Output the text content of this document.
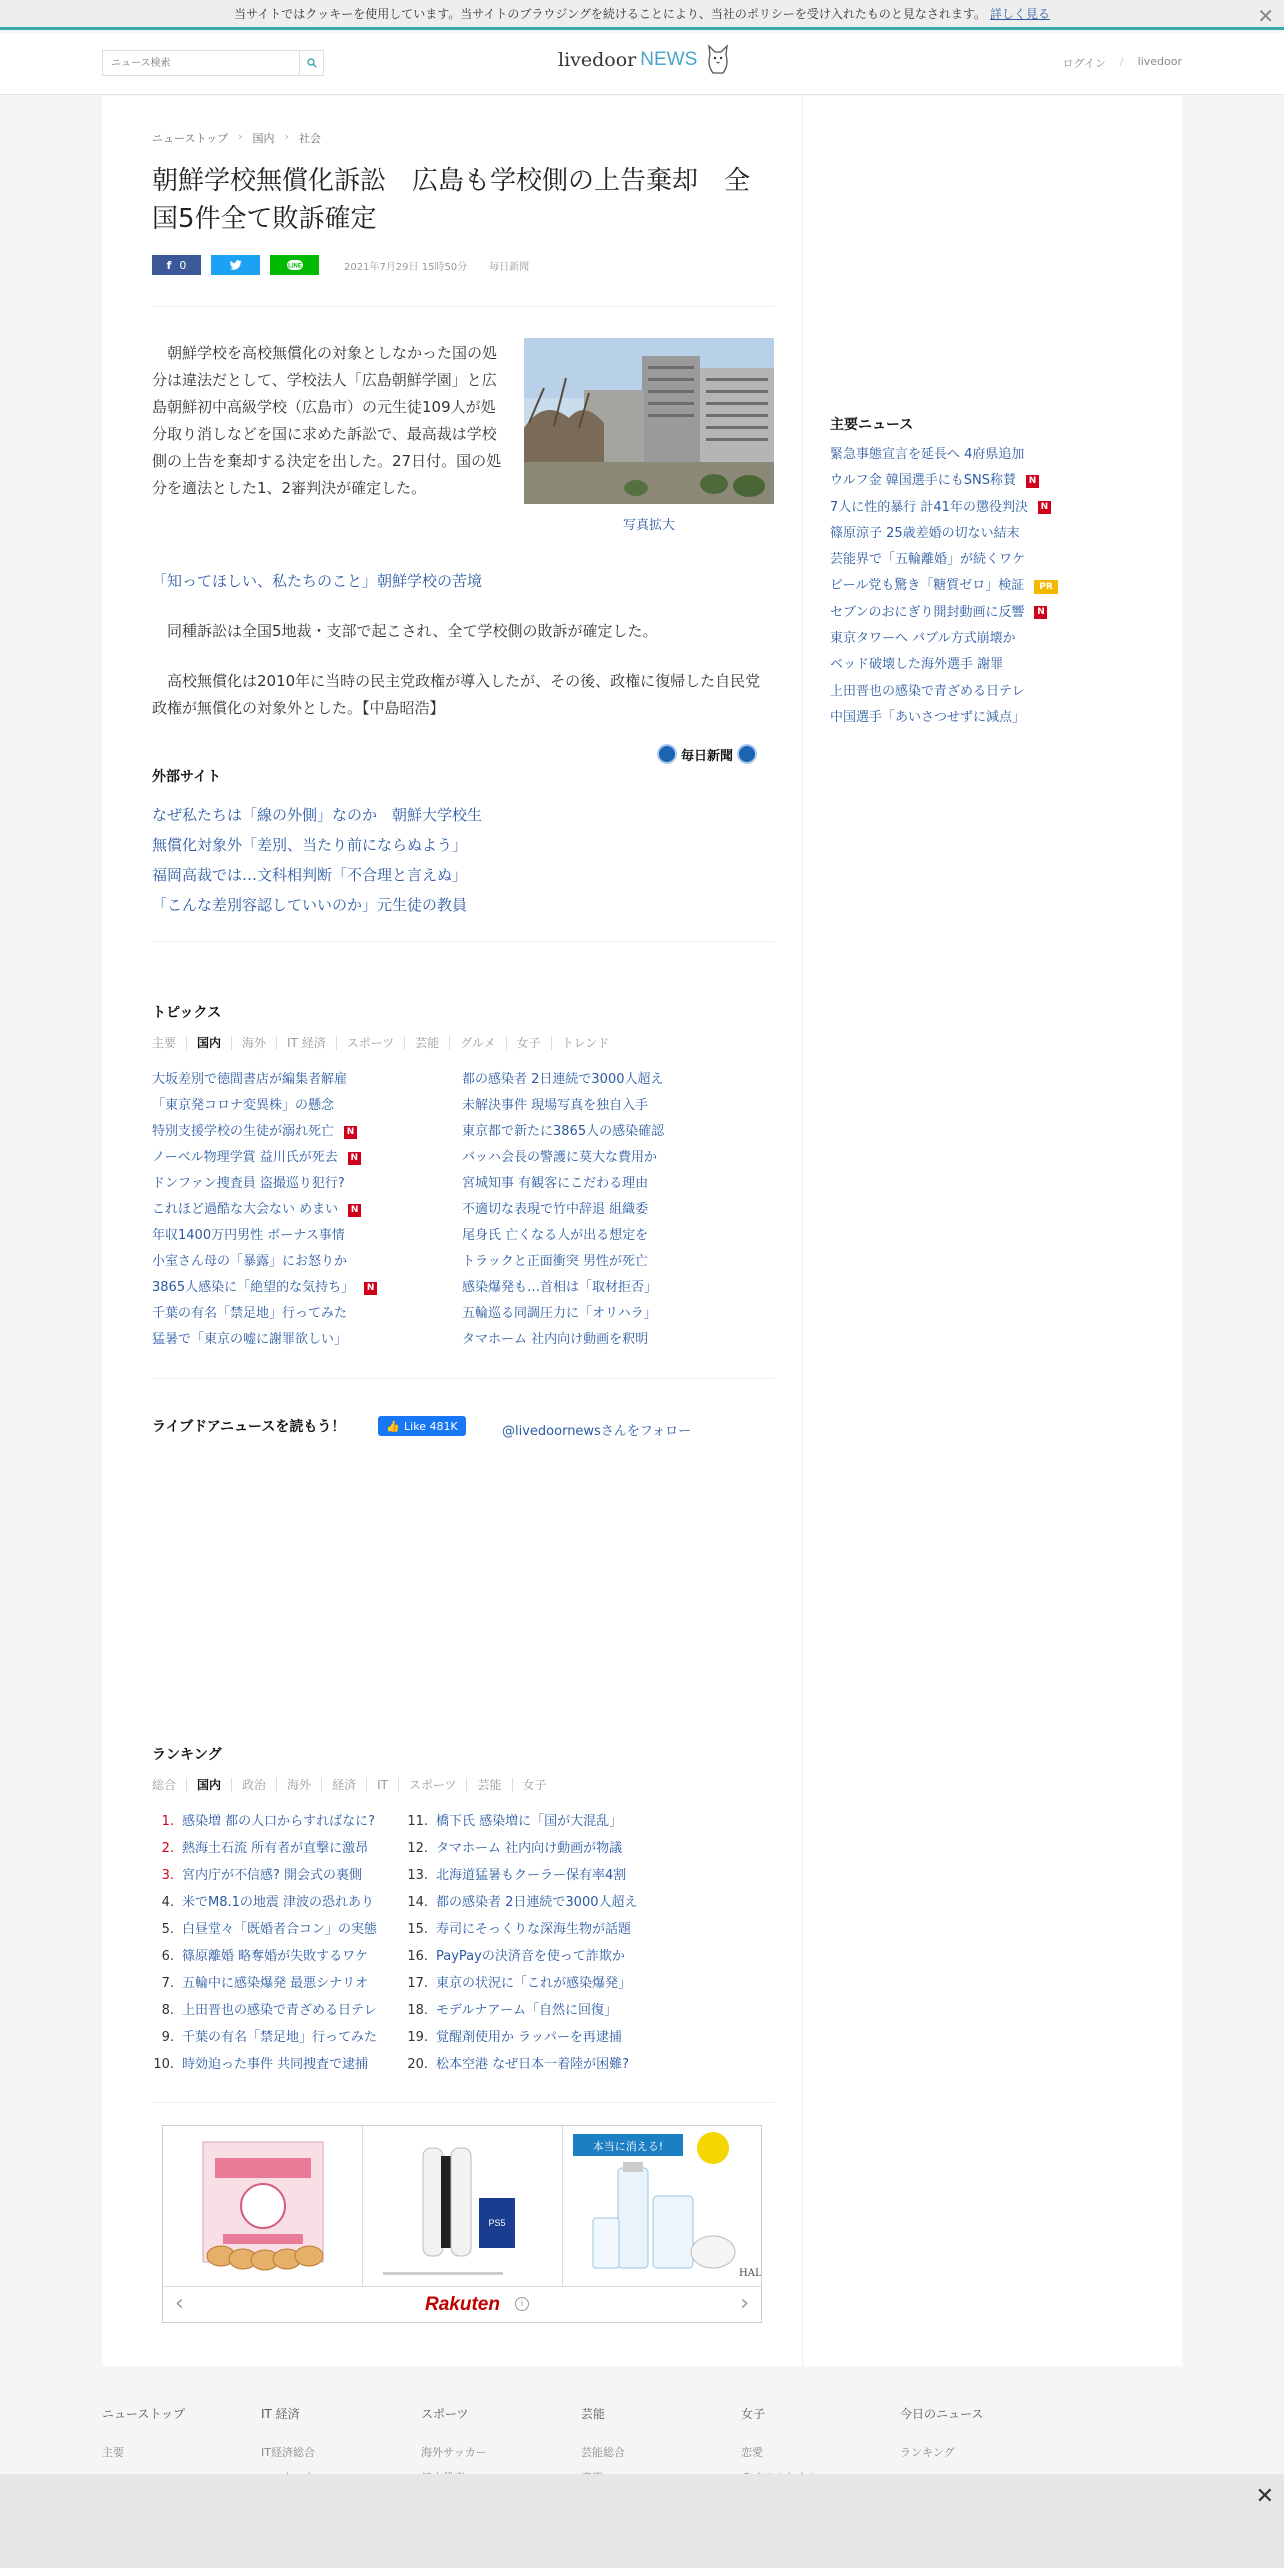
当サイトではクッキーを使用しています。当サイトのブラウジングを続けることにより、当社のポリシーを受け入れたものと見なされます。 詳しく見る	✕
ニュース検索
livedoor NEWS	ログイン / livedoor
ニューストップ › 国内 › 社会
朝鮮学校無償化訴訟　広島も学校側の上告棄却　全国5件全て敗訴確定
f 0	LINE	2021年7月29日 15時50分 毎日新聞

朝鮮学校を高校無償化の対象としなかった国の処分は違法だとして、学校法人「広島朝鮮学園」と広島朝鮮初中高級学校（広島市）の元生徒109人が処分取り消しなどを国に求めた訴訟で、最高裁は学校側の上告を棄却する決定を出した。27日付。国の処分を適法とした1、2審判決が確定した。

写真拡大
「知ってほしい、私たちのこと」朝鮮学校の苦境

同種訴訟は全国5地裁・支部で起こされ、全て学校側の敗訴が確定した。

高校無償化は2010年に当時の民主党政権が導入したが、その後、政権に復帰した自民党政権が無償化の対象外とした。【中島昭浩】

毎日新聞
外部サイト
なぜ私たちは「線の外側」なのか　朝鮮大学校生
無償化対象外「差別、当たり前にならぬよう」
福岡高裁では…文科相判断「不合理と言えぬ」
「こんな差別容認していいのか」元生徒の教員
トピックス
主要	国内	海外	IT 経済	スポーツ	芸能	グルメ	女子	トレンド
大坂差別で徳間書店が編集者解雇
「東京発コロナ変異株」の懸念
特別支援学校の生徒が溺れ死亡	N
ノーベル物理学賞 益川氏が死去	N
ドンファン捜査員 盗撮巡り犯行?
これほど過酷な大会ない めまい	N
年収1400万円男性 ボーナス事情
小室さん母の「暴露」にお怒りか
3865人感染に「絶望的な気持ち」	N
千葉の有名「禁足地」行ってみた
猛暑で「東京の嘘に謝罪欲しい」
都の感染者 2日連続で3000人超え
未解決事件 現場写真を独自入手
東京都で新たに3865人の感染確認
バッハ会長の警護に莫大な費用か
宮城知事 有観客にこだわる理由
不適切な表現で竹中辞退 組織委
尾身氏 亡くなる人が出る想定を
トラックと正面衝突 男性が死亡
感染爆発も…首相は「取材拒否」
五輪巡る同調圧力に「オリハラ」
タマホーム 社内向け動画を釈明
ライブドアニュースを読もう！	👍 Like 481K	@livedoornewsさんをフォロー
ランキング
総合	国内	政治	海外	経済	IT	スポーツ	芸能	女子
1. 感染増 都の人口からすればなに?
2. 熱海土石流 所有者が直撃に激昂
3. 宮内庁が不信感? 開会式の裏側
4. 米でM8.1の地震 津波の恐れあり
5. 白昼堂々「既婚者合コン」の実態
6. 篠原離婚 略奪婚が失敗するワケ
7. 五輪中に感染爆発 最悪シナリオ
8. 上田晋也の感染で青ざめる日テレ
9. 千葉の有名「禁足地」行ってみた
10. 時効迫った事件 共同捜査で逮捕
11. 橋下氏 感染増に「国が大混乱」
12. タマホーム 社内向け動画が物議
13. 北海道猛暑もクーラー保有率4割
14. 都の感染者 2日連続で3000人超え
15. 寿司にそっくりな深海生物が話題
16. PayPayの決済音を使って詐欺か
17. 東京の状況に「これが感染爆発」
18. モデルナアーム「自然に回復」
19. 覚醒剤使用か ラッパーを再逮捕
20. 松本空港 なぜ日本一着陸が困難?
PS5
本当に消える!
HAL
‹	Rakuten	i	›
主要ニュース
緊急事態宣言を延長へ 4府県追加
ウルフ金 韓国選手にもSNS称賛	N
7人に性的暴行 計41年の懲役判決	N
篠原涼子 25歳差婚の切ない結末
芸能界で「五輪離婚」が続くワケ
ビール党も驚き「糖質ゼロ」検証	PR
セブンのおにぎり開封動画に反響	N
東京タワーへ バブル方式崩壊か
ベッド破壊した海外選手 謝罪
上田晋也の感染で青ざめる日テレ
中国選手「あいさつせずに減点」
ニューストップ
主要
IT 経済
IT経済総合
スポーツ
海外サッカー
芸能
芸能総合
女子
恋愛
今日のニュース
ランキング
✕
